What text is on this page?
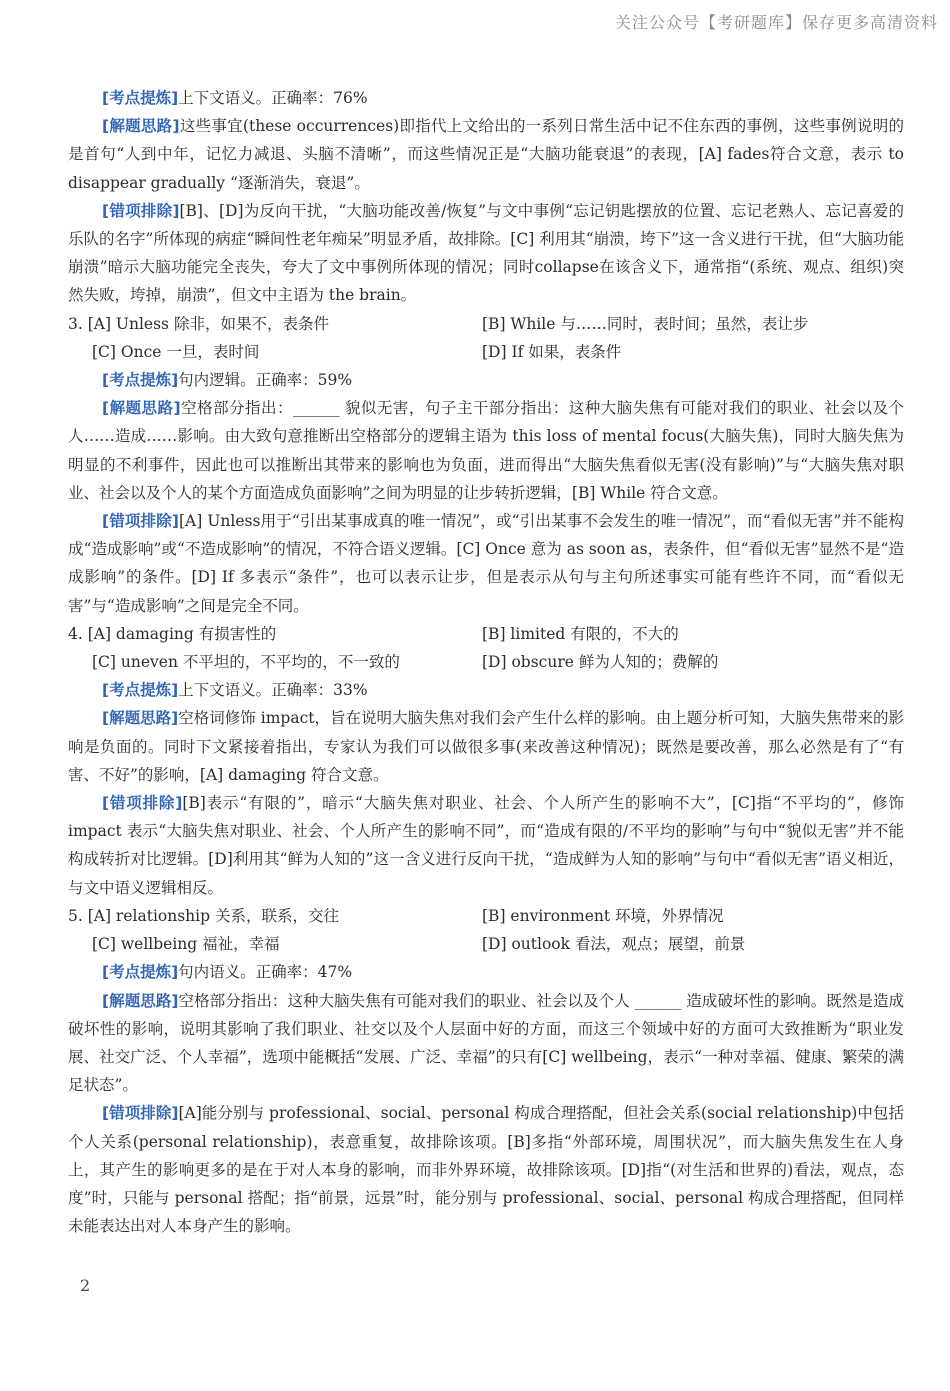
关注公众号【考研题库】保存更多高清资料

[考点提炼]上下文语义。正确率：76%

[解题思路]这些事宜(these occurrences)即指代上文给出的一系列日常生活中记不住东西的事例，这些事例说明的是首句“人到中年，记忆力减退、头脑不清晰”，而这些情况正是“大脑功能衰退”的表现，[A] fades符合文意，表示 to disappear gradually “逐渐消失，衰退”。

[错项排除][B]、[D]为反向干扰，“大脑功能改善/恢复”与文中事例“忘记钥匙摆放的位置、忘记老熟人、忘记喜爱的乐队的名字”所体现的病症“瞬间性老年痴呆”明显矛盾，故排除。[C] 利用其“崩溃，垮下”这一含义进行干扰，但“大脑功能崩溃”暗示大脑功能完全丧失，夸大了文中事例所体现的情况；同时collapse在该含义下，通常指“(系统、观点、组织)突然失败，垮掉，崩溃”，但文中主语为 the brain。

3. [A] Unless 除非，如果不，表条件	[B] While 与……同时，表时间；虽然，表让步
[C] Once 一旦，表时间	[D] If 如果，表条件

[考点提炼]句内逻辑。正确率：59%

[解题思路]空格部分指出：______ 貌似无害，句子主干部分指出：这种大脑失焦有可能对我们的职业、社会以及个人……造成……影响。由大致句意推断出空格部分的逻辑主语为 this loss of mental focus(大脑失焦)，同时大脑失焦为明显的不利事件，因此也可以推断出其带来的影响也为负面，进而得出“大脑失焦看似无害(没有影响)”与“大脑失焦对职业、社会以及个人的某个方面造成负面影响”之间为明显的让步转折逻辑，[B] While 符合文意。

[错项排除][A] Unless用于“引出某事成真的唯一情况”，或“引出某事不会发生的唯一情况”，而“看似无害”并不能构成“造成影响”或“不造成影响”的情况，不符合语义逻辑。[C] Once 意为 as soon as，表条件，但“看似无害”显然不是“造成影响”的条件。[D] If 多表示“条件”，也可以表示让步，但是表示从句与主句所述事实可能有些许不同，而“看似无害”与“造成影响”之间是完全不同。

4. [A] damaging 有损害性的	[B] limited 有限的，不大的
[C] uneven 不平坦的，不平均的，不一致的	[D] obscure 鲜为人知的；费解的

[考点提炼]上下文语义。正确率：33%

[解题思路]空格词修饰 impact，旨在说明大脑失焦对我们会产生什么样的影响。由上题分析可知，大脑失焦带来的影响是负面的。同时下文紧接着指出，专家认为我们可以做很多事(来改善这种情况)；既然是要改善，那么必然是有了“有害、不好”的影响，[A] damaging 符合文意。

[错项排除][B]表示“有限的”，暗示“大脑失焦对职业、社会、个人所产生的影响不大”，[C]指“不平均的”，修饰 impact 表示“大脑失焦对职业、社会、个人所产生的影响不同”，而“造成有限的/不平均的影响”与句中“貌似无害”并不能构成转折对比逻辑。[D]利用其“鲜为人知的”这一含义进行反向干扰，“造成鲜为人知的影响”与句中“看似无害”语义相近，与文中语义逻辑相反。

5. [A] relationship 关系，联系，交往	[B] environment 环境，外界情况
[C] wellbeing 福祉，幸福	[D] outlook 看法，观点；展望，前景

[考点提炼]句内语义。正确率：47%

[解题思路]空格部分指出：这种大脑失焦有可能对我们的职业、社会以及个人 ______ 造成破坏性的影响。既然是造成破坏性的影响，说明其影响了我们职业、社交以及个人层面中好的方面，而这三个领域中好的方面可大致推断为“职业发展、社交广泛、个人幸福”，选项中能概括“发展、广泛、幸福”的只有[C] wellbeing，表示“一种对幸福、健康、繁荣的满足状态”。

[错项排除][A]能分别与 professional、social、personal 构成合理搭配，但社会关系(social relationship)中包括个人关系(personal relationship)，表意重复，故排除该项。[B]多指“外部环境，周围状况”，而大脑失焦发生在人身上，其产生的影响更多的是在于对人本身的影响，而非外界环境，故排除该项。[D]指“(对生活和世界的)看法，观点，态度”时，只能与 personal 搭配；指“前景，远景”时，能分别与 professional、social、personal 构成合理搭配，但同样未能表达出对人本身产生的影响。

2
